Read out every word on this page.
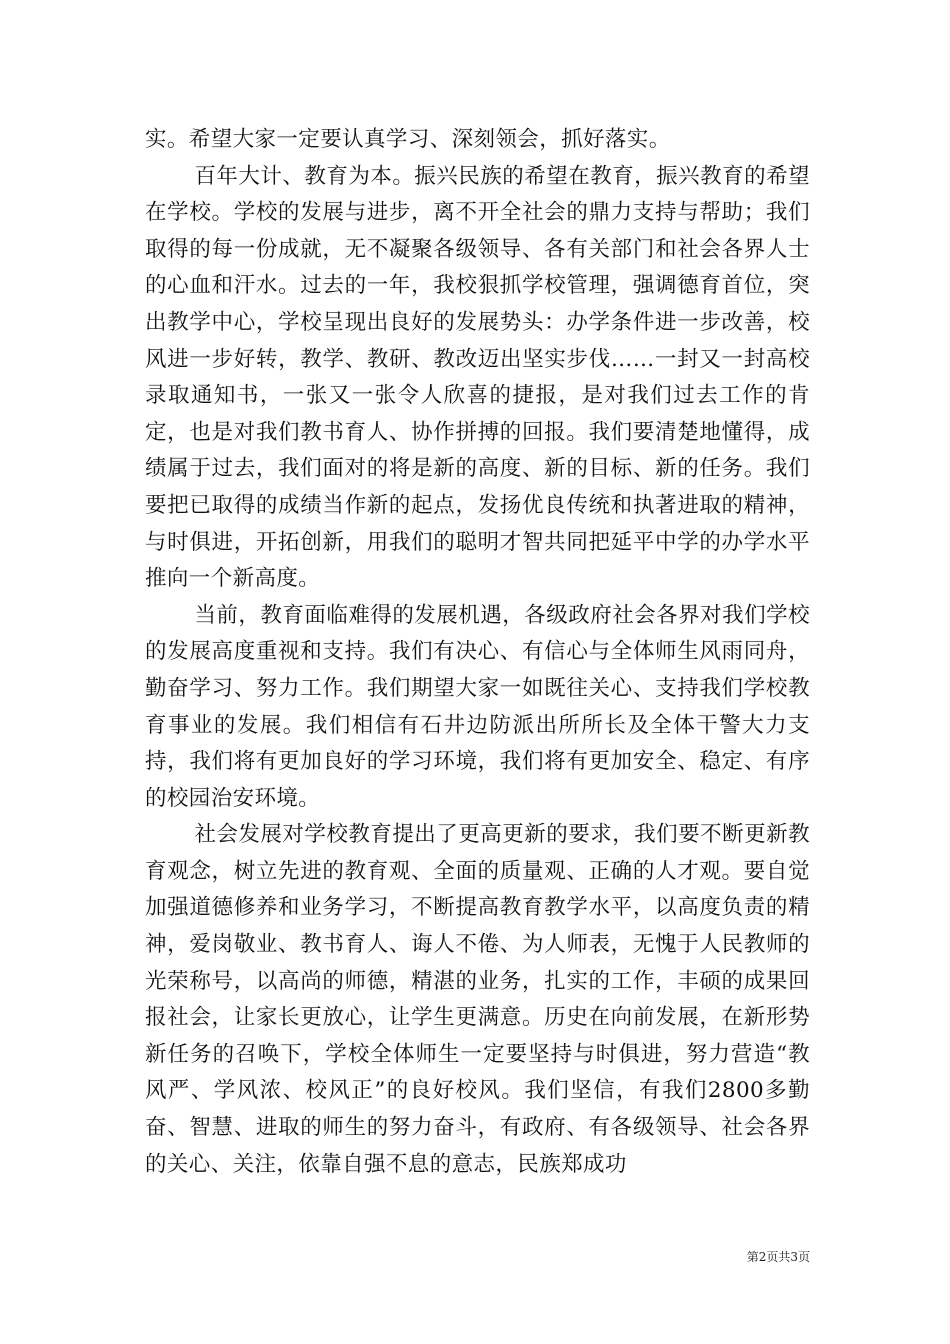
实。希望大家一定要认真学习、深刻领会，抓好落实。

百年大计、教育为本。振兴民族的希望在教育，振兴教育的希望在学校。学校的发展与进步，离不开全社会的鼎力支持与帮助；我们取得的每一份成就，无不凝聚各级领导、各有关部门和社会各界人士的心血和汗水。过去的一年，我校狠抓学校管理，强调德育首位，突出教学中心，学校呈现出良好的发展势头：办学条件进一步改善，校风进一步好转，教学、教研、教改迈出坚实步伐……一封又一封高校录取通知书，一张又一张令人欣喜的捷报，是对我们过去工作的肯定，也是对我们教书育人、协作拼搏的回报。我们要清楚地懂得，成绩属于过去，我们面对的将是新的高度、新的目标、新的任务。我们要把已取得的成绩当作新的起点，发扬优良传统和执著进取的精神，与时俱进，开拓创新，用我们的聪明才智共同把延平中学的办学水平推向一个新高度。

当前，教育面临难得的发展机遇，各级政府社会各界对我们学校的发展高度重视和支持。我们有决心、有信心与全体师生风雨同舟，勤奋学习、努力工作。我们期望大家一如既往关心、支持我们学校教育事业的发展。我们相信有石井边防派出所所长及全体干警大力支持，我们将有更加良好的学习环境，我们将有更加安全、稳定、有序的校园治安环境。

社会发展对学校教育提出了更高更新的要求，我们要不断更新教育观念，树立先进的教育观、全面的质量观、正确的人才观。要自觉加强道德修养和业务学习，不断提高教育教学水平，以高度负责的精神，爱岗敬业、教书育人、诲人不倦、为人师表，无愧于人民教师的光荣称号，以高尚的师德，精湛的业务，扎实的工作，丰硕的成果回报社会，让家长更放心，让学生更满意。历史在向前发展，在新形势新任务的召唤下，学校全体师生一定要坚持与时俱进，努力营造“教风严、学风浓、校风正”的良好校风。我们坚信，有我们2800多勤奋、智慧、进取的师生的努力奋斗，有政府、有各级领导、社会各界的关心、关注，依靠自强不息的意志，民族郑成功

第2页共3页
